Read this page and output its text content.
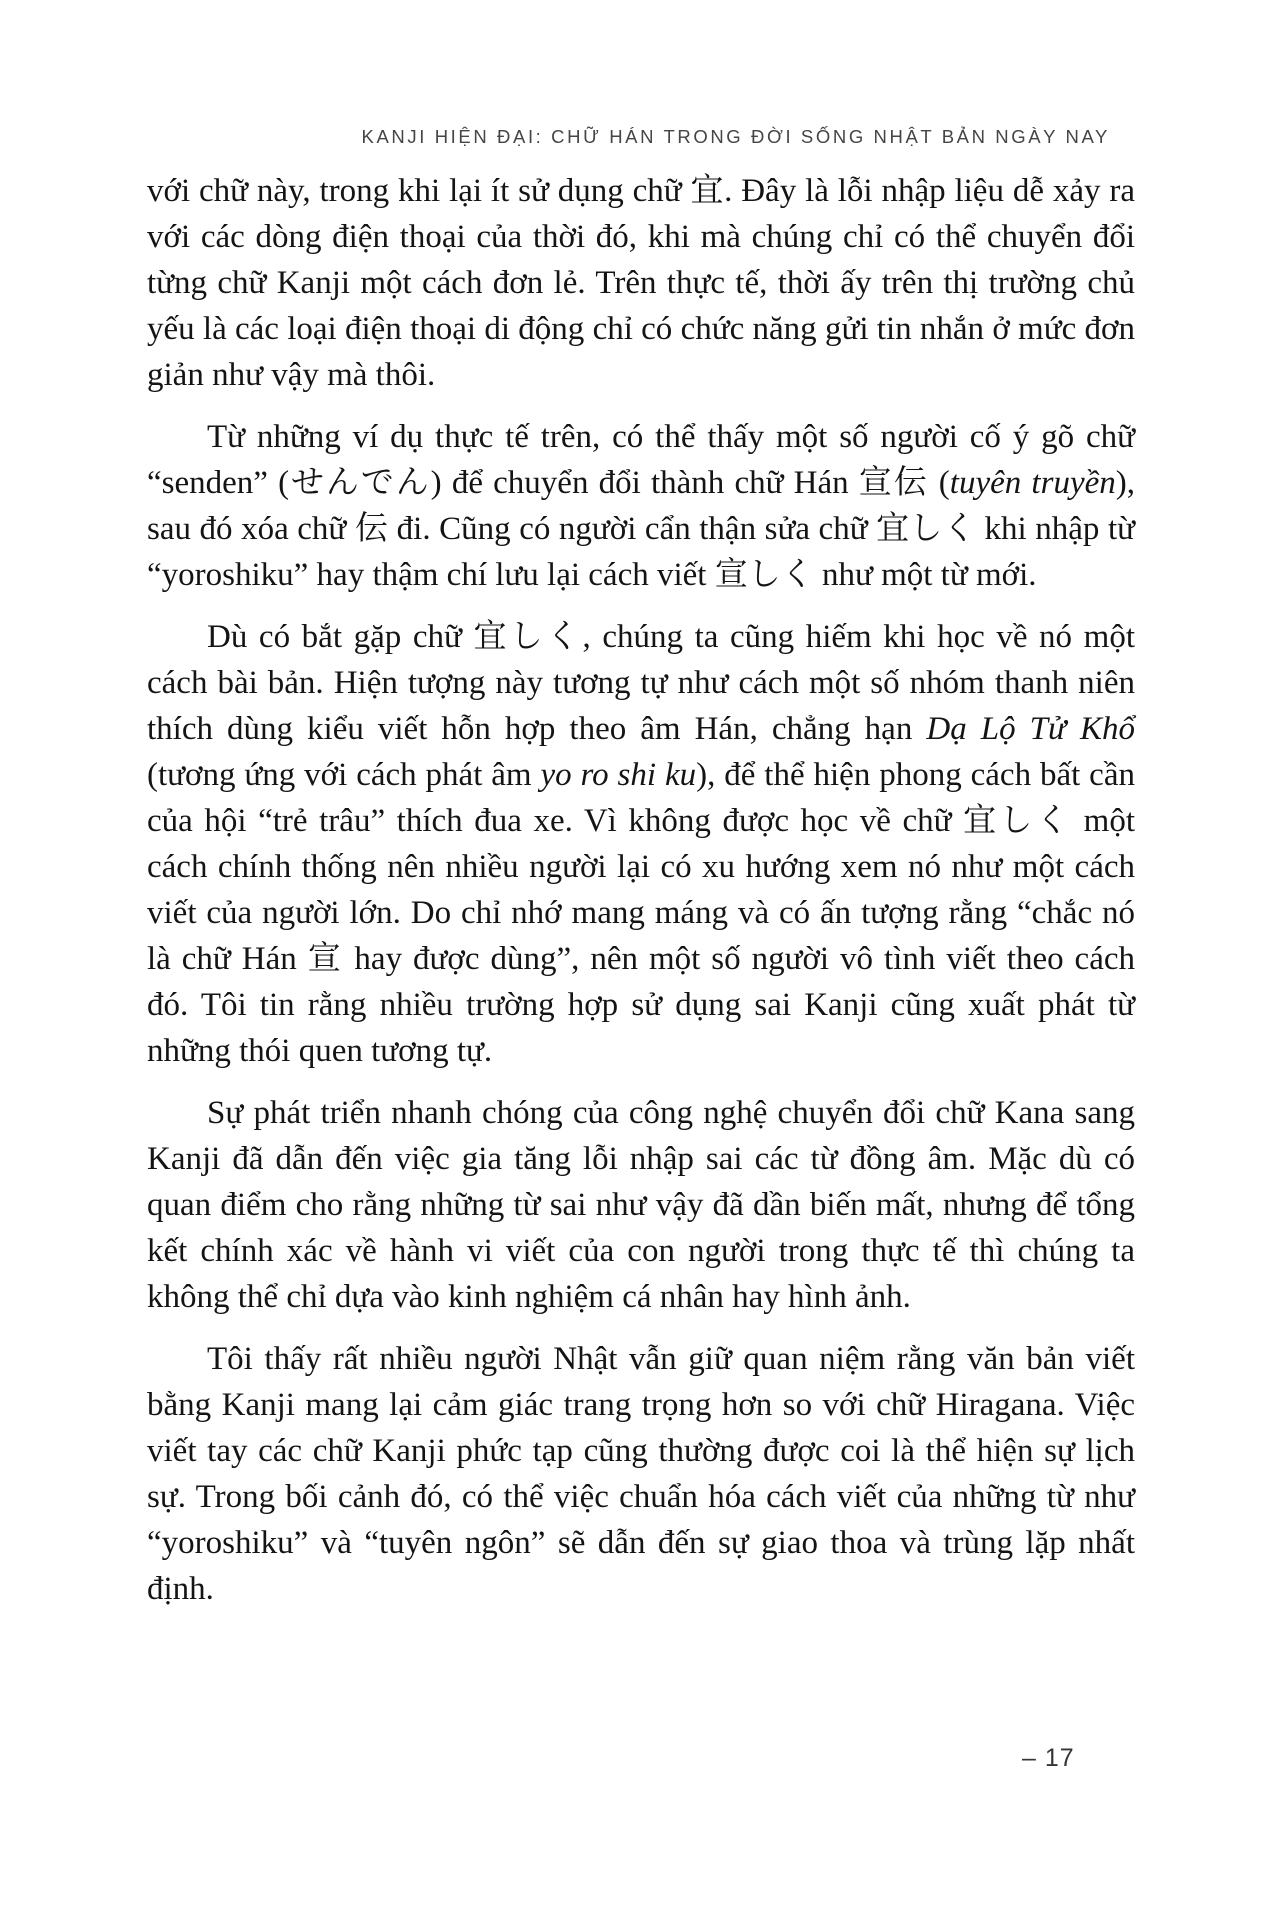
KANJI HIỆN ĐẠI: CHỮ HÁN TRONG ĐỜI SỐNG NHẬT BẢN NGÀY NAY

với chữ này, trong khi lại ít sử dụng chữ 宜. Đây là lỗi nhập liệu dễ xảy ra với các dòng điện thoại của thời đó, khi mà chúng chỉ có thể chuyển đổi từng chữ Kanji một cách đơn lẻ. Trên thực tế, thời ấy trên thị trường chủ yếu là các loại điện thoại di động chỉ có chức năng gửi tin nhắn ở mức đơn giản như vậy mà thôi.

Từ những ví dụ thực tế trên, có thể thấy một số người cố ý gõ chữ “senden” (せんでん) để chuyển đổi thành chữ Hán 宣伝 (tuyên truyền), sau đó xóa chữ 伝 đi. Cũng có người cẩn thận sửa chữ 宜しく khi nhập từ “yoroshiku” hay thậm chí lưu lại cách viết 宣しく như một từ mới.

Dù có bắt gặp chữ 宜しく, chúng ta cũng hiếm khi học về nó một cách bài bản. Hiện tượng này tương tự như cách một số nhóm thanh niên thích dùng kiểu viết hỗn hợp theo âm Hán, chẳng hạn Dạ Lộ Tử Khổ (tương ứng với cách phát âm yo ro shi ku), để thể hiện phong cách bất cần của hội “trẻ trâu” thích đua xe. Vì không được học về chữ 宜しく một cách chính thống nên nhiều người lại có xu hướng xem nó như một cách viết của người lớn. Do chỉ nhớ mang máng và có ấn tượng rằng “chắc nó là chữ Hán 宣 hay được dùng”, nên một số người vô tình viết theo cách đó. Tôi tin rằng nhiều trường hợp sử dụng sai Kanji cũng xuất phát từ những thói quen tương tự.

Sự phát triển nhanh chóng của công nghệ chuyển đổi chữ Kana sang Kanji đã dẫn đến việc gia tăng lỗi nhập sai các từ đồng âm. Mặc dù có quan điểm cho rằng những từ sai như vậy đã dần biến mất, nhưng để tổng kết chính xác về hành vi viết của con người trong thực tế thì chúng ta không thể chỉ dựa vào kinh nghiệm cá nhân hay hình ảnh.

Tôi thấy rất nhiều người Nhật vẫn giữ quan niệm rằng văn bản viết bằng Kanji mang lại cảm giác trang trọng hơn so với chữ Hiragana. Việc viết tay các chữ Kanji phức tạp cũng thường được coi là thể hiện sự lịch sự. Trong bối cảnh đó, có thể việc chuẩn hóa cách viết của những từ như “yoroshiku” và “tuyên ngôn” sẽ dẫn đến sự giao thoa và trùng lặp nhất định.

– 17
